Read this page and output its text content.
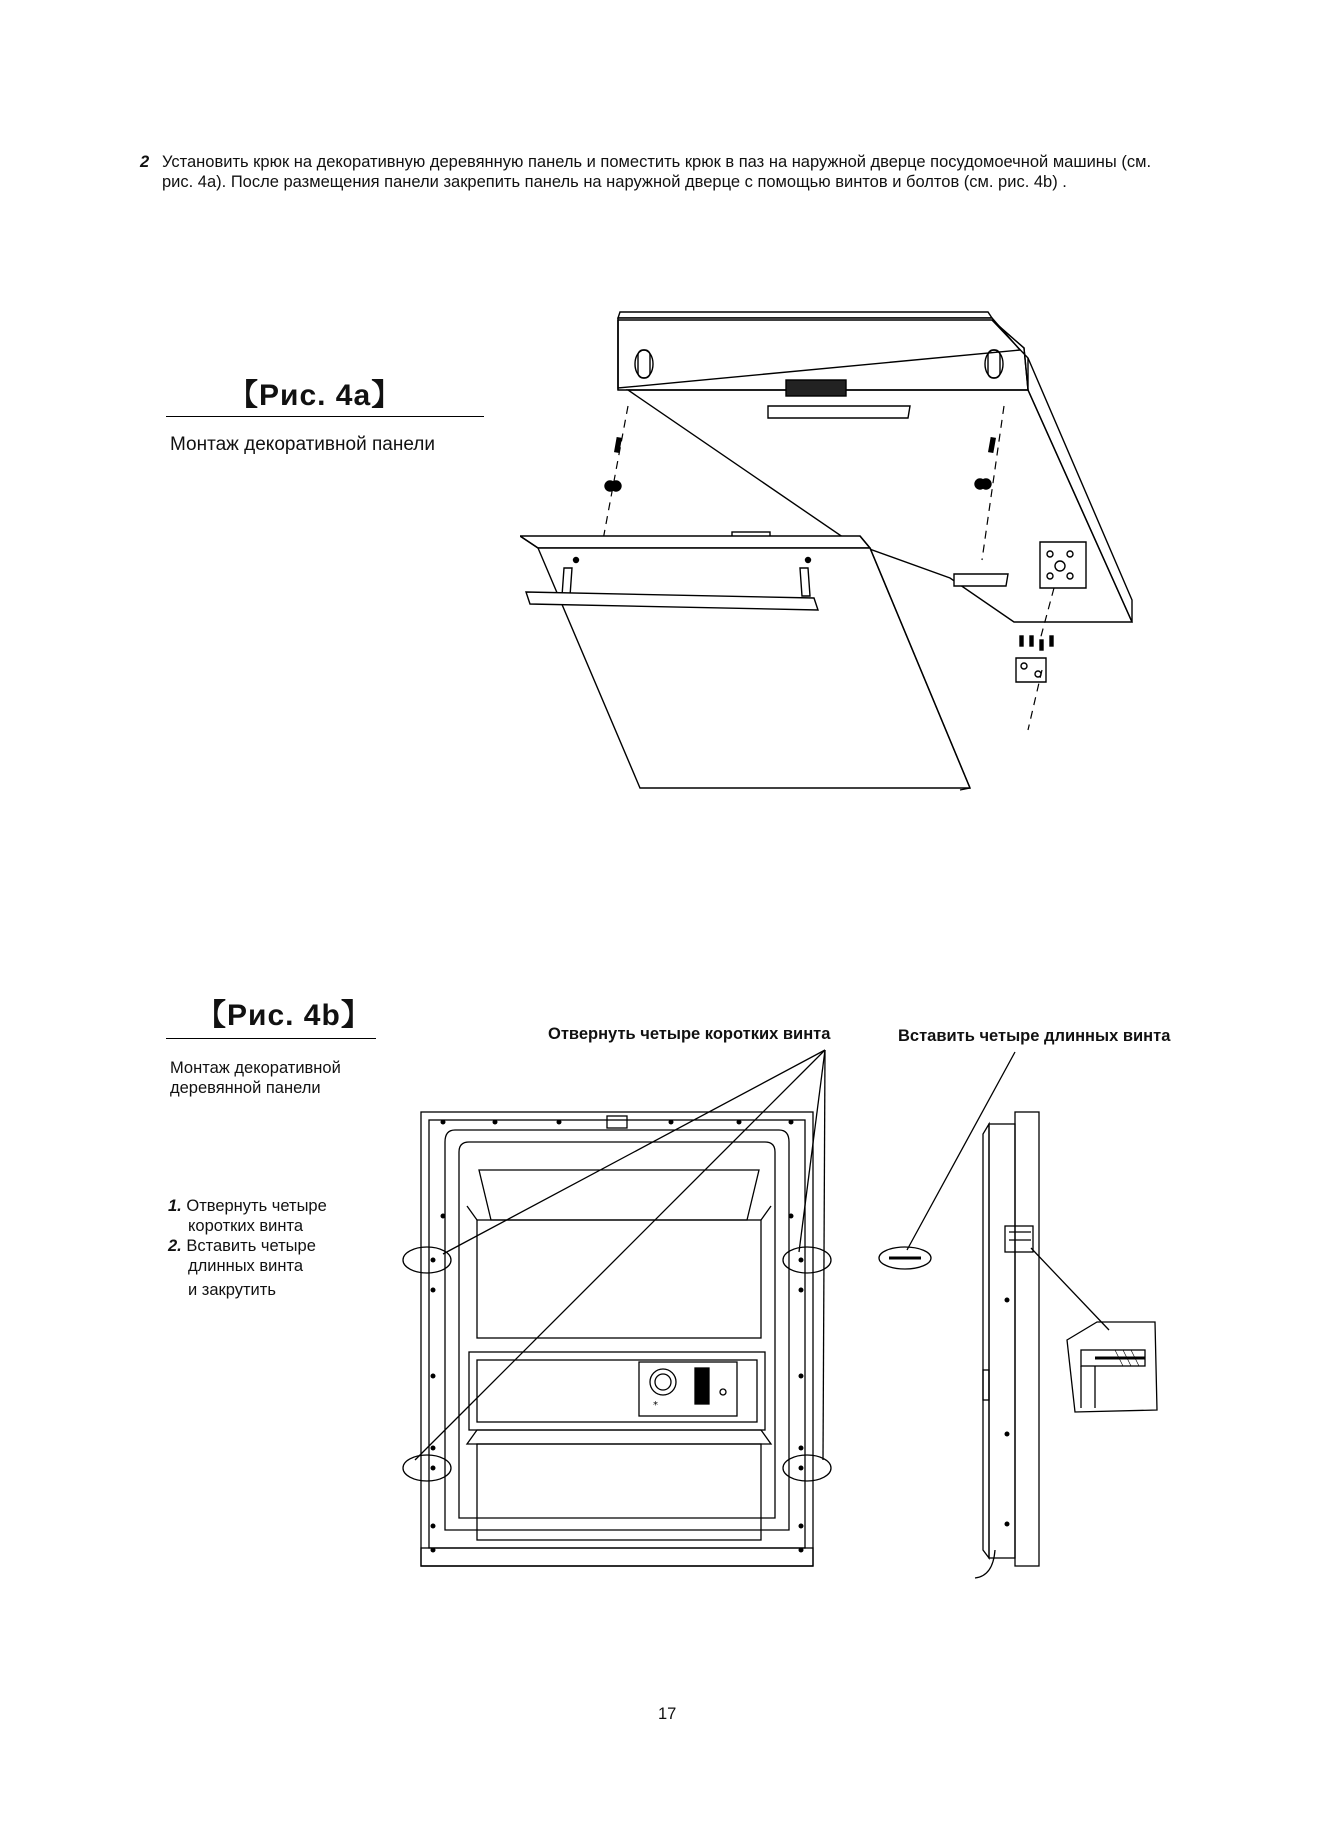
2 Установить крюк на декоративную деревянную панель и поместить крюк в паз на наружной дверце посудомоечной машины (см. рис. 4a). После размещения панели закрепить панель на наружной дверце с помощью винтов и болтов (см. рис. 4b) .
【Рис. 4a】
Монтаж декоративной панели
【Рис. 4b】
Монтаж декоративной
деревянной панели
Отвернуть четыре коротких винта	Вставить четыре длинных винта
1. Отвернуть четыре
коротких винта
2. Вставить четыре
длинных винта
и закрутить
*
17
